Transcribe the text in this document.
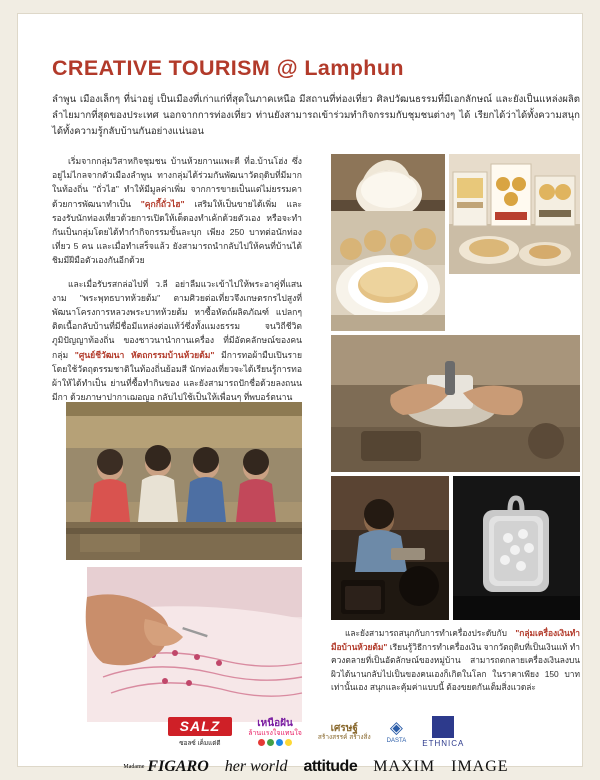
CREATIVE TOURISM @ Lamphun
ลำพูน เมืองเล็กๆ ที่น่าอยู่ เป็นเมืองที่เก่าแก่ที่สุดในภาคเหนือ มีสถานที่ท่องเที่ยว ศิลปวัฒนธรรมที่มีเอกลักษณ์ และยังเป็นแหล่งผลิตลำไยมากที่สุดของประเทศ นอกจากการท่องเที่ยว ท่านยังสามารถเข้าร่วมทำกิจกรรมกับชุมชนต่างๆ ได้ เรียกได้ว่าได้ทั้งความสนุก ได้ทั้งความรู้กลับบ้านกันอย่างแน่นอน

เริ่มจากกลุ่มวิสาหกิจชุมชน บ้านห้วยกานแพะดี ที่อ.บ้านโฮ่ง ซึ่งอยู่ไม่ไกลจากตัวเมืองลำพูน ทางกลุ่มได้ร่วมกันพัฒนาวัตถุดิบที่มีมากในท้องถิ่น "ถั่วไฮ" ทำให้มีมูลค่าเพิ่ม จากการขายเป็นแต่ไม่ยรรมคาด้วยการพัฒนาทำเป็น "คุกกี้ถั่วไฮ" เสริมให้เป็นขายได้เพิ่ม และรองรับนักท่องเที่ยวด้วยการเปิดให้เด็ดองทำเค้กด้วยตัวเอง หรือจะทำกันเป็นกลุ่มโดยได้ทำกำกิจกรรมขั้นละบุก เพียง 250 บาทต่อนักท่องเที่ยว 5 คน และเมื่อทำเสร็จแล้ว ยังสามารถนำกลับไปให้คนที่บ้านได้ชิมมีฝีมือตัวเองกันอีกด้วย

และเมื่อรับรสกล่อไปที่ ว.ลี อย่าลืมแวะเข้าไปให้พระอาคู่ที่แสนงาม "พระพุทธบาทห้วยต้ม" ตามศิวยต่อเที่ยวจึงเกษตรกรไปสูงที่พัฒนาโครงการหลวงพระบาทห้วยต้ม หาซื้อหัตถ์ผลิตภัณฑ์ แปลกๆ ติดเนื้อกลับบ้านที่มีชื่อมีแหล่งต่อแท้ว์ซึ่งทั้งแมงธรรม จนวิถีชีวิต ภูมิปัญญาท้องถิ่น ของชาวนานำกานเครื่อง ที่มีอัตคลักษณ์ของคนกลุ่ม "ศูนย์ชีวัฒนา หัตถกรรมบ้านห้วยต้ม" มีการทอผ้ามืบเปินราย โดยใช้วัตถุดรรมชาติในท้องถิ่นย้อมสี นักท่องเที่ยวจะได้เรียนรู้การทอผ้าให้ได้ทำเป็น ย่านที่ซื้อทำกินของ และยังสามารถปักชื่อด้วยลงถนนมีกา ด้วยภาษาปากาเฌอญอ กลับไปใช้เป็นให้เพื่อนๆ ที่พบอร์ตนาน

และยังสามารถสนุกกับการทำเครื่องประดับกับ "กลุ่มเครื่องเงินทำมือบ้านห้วยต้ม" เรียนรู้วิธีการทำเครื่องเงิน จากวัตถุดิบที่เป็นเงินแท้ ทำควงตลายที่เป็นอัตลักษณ์ของหมู่บ้าน สามารถตกลายเครื่องเงินลงบนผิวได้นานกลับไปเป็นของคนเองก็เกิดในโลก ในราคาเพียง 150 บาท เท่านั้นเอง สนุกและคุ้มค่าแบบนี้ ต้องขยดกันเต็มสิ่งแวดล่ะ

SALZ
ซอลซ์ เค็มแต่ดี
เหนือฝัน
ล้านแรงใจแทนใจ	เศรษฐ์
สร้างสรรค์ สร้างสิ่ง
◈
DASTA ETHNICA
Madame FIGARO her world attitude MAXIM IMAGE
